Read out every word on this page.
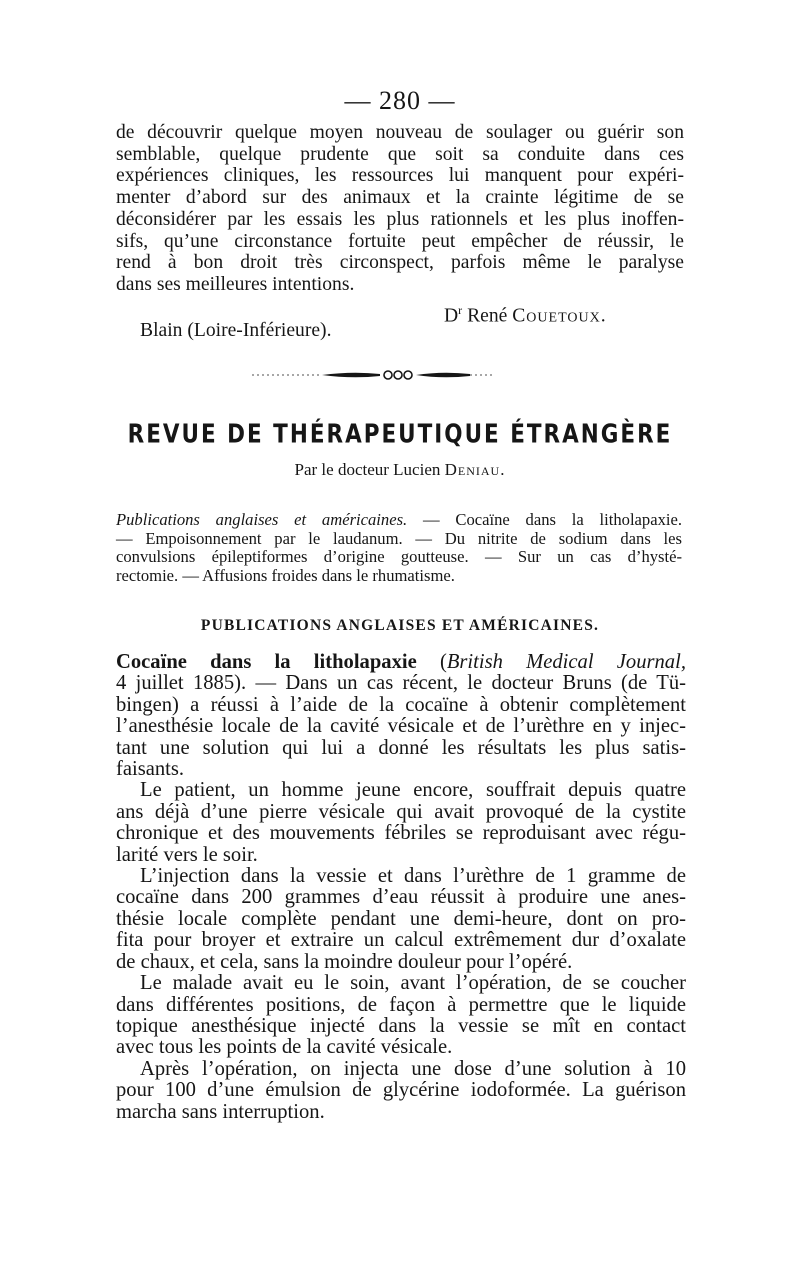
— 280 —
de découvrir quelque moyen nouveau de soulager ou guérir son
semblable, quelque prudente que soit sa conduite dans ces
expériences cliniques, les ressources lui manquent pour expéri-
menter d’abord sur des animaux et la crainte légitime de se
déconsidérer par les essais les plus rationnels et les plus inoffen-
sifs, qu’une circonstance fortuite peut empêcher de réussir, le
rend à bon droit très circonspect, parfois même le paralyse
dans ses meilleures intentions.
$D^r$ René Couetoux.
Blain (Loire-Inférieure).
REVUE DE THÉRAPEUTIQUE ÉTRANGÈRE
Par le docteur Lucien Deniau.
Publications anglaises et américaines. — Cocaïne dans la litholapaxie.
— Empoisonnement par le laudanum. — Du nitrite de sodium dans les
convulsions épileptiformes d’origine goutteuse. — Sur un cas d’hysté-
rectomie. — Affusions froides dans le rhumatisme.
PUBLICATIONS ANGLAISES ET AMÉRICAINES.
Cocaïne dans la litholapaxie (British Medical Journal,
4 juillet 1885). — Dans un cas récent, le docteur Bruns (de Tü-
bingen) a réussi à l’aide de la cocaïne à obtenir complètement
l’anesthésie locale de la cavité vésicale et de l’urèthre en y injec-
tant une solution qui lui a donné les résultats les plus satis-
faisants.
Le patient, un homme jeune encore, souffrait depuis quatre
ans déjà d’une pierre vésicale qui avait provoqué de la cystite
chronique et des mouvements fébriles se reproduisant avec régu-
larité vers le soir.
L’injection dans la vessie et dans l’urèthre de 1 gramme de
cocaïne dans 200 grammes d’eau réussit à produire une anes-
thésie locale complète pendant une demi-heure, dont on pro-
fita pour broyer et extraire un calcul extrêmement dur d’oxalate
de chaux, et cela, sans la moindre douleur pour l’opéré.
Le malade avait eu le soin, avant l’opération, de se coucher
dans différentes positions, de façon à permettre que le liquide
topique anesthésique injecté dans la vessie se mît en contact
avec tous les points de la cavité vésicale.
Après l’opération, on injecta une dose d’une solution à 10
pour 100 d’une émulsion de glycérine iodoformée. La guérison
marcha sans interruption.
